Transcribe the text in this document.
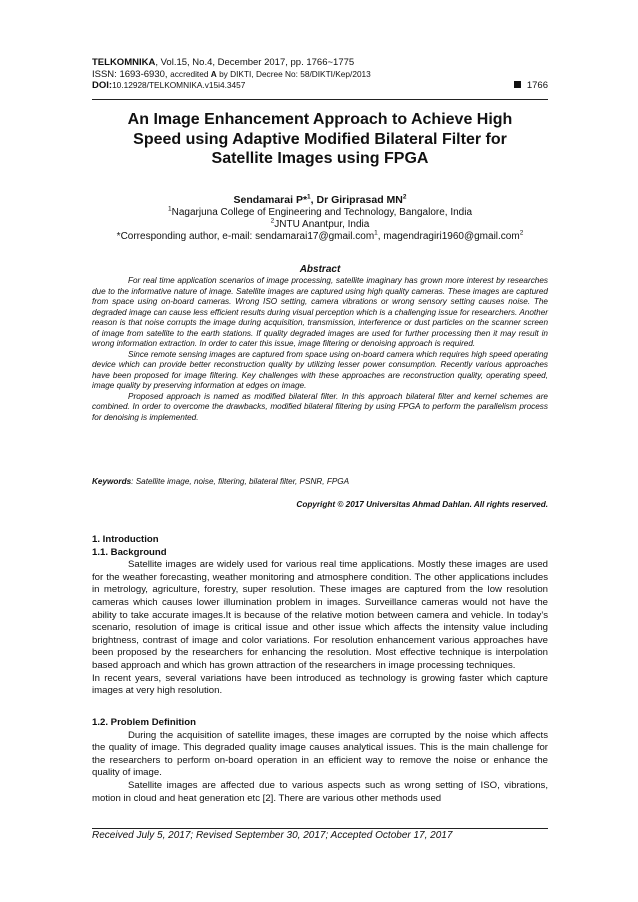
TELKOMNIKA, Vol.15, No.4, December 2017, pp. 1766~1775
ISSN: 1693-6930, accredited A by DIKTI, Decree No: 58/DIKTI/Kep/2013
DOI:10.12928/TELKOMNIKA.v15i4.3457	1766
An Image Enhancement Approach to Achieve High
Speed using Adaptive Modified Bilateral Filter for
Satellite Images using FPGA
Sendamarai P*$^1$, Dr Giriprasad $MN^2$
$^1$Nagarjuna College of Engineering and Technology, Bangalore, India
$^2$JNTU Anantpur, India
*Corresponding author, e-mail: sendamarai17@gmail.com$^1$, magendragiri1960@gmail.com$^2$
Abstract

For real time application scenarios of image processing, satellite imaginary has grown more interest by researches due to the informative nature of image. Satellite images are captured using high quality cameras. These images are captured from space using on-board cameras. Wrong ISO setting, camera vibrations or wrong sensory setting causes noise. The degraded image can cause less efficient results during visual perception which is a challenging issue for researchers. Another reason is that noise corrupts the image during acquisition, transmission, interference or dust particles on the scanner screen of image from satellite to the earth stations. If quality degraded images are used for further processing then it may result in wrong information extraction. In order to cater this issue, image filtering or denoising approach is required.

Since remote sensing images are captured from space using on-board camera which requires high speed operating device which can provide better reconstruction quality by utilizing lesser power consumption. Recently various approaches have been proposed for image filtering. Key challenges with these approaches are reconstruction quality, operating speed, image quality by preserving information at edges on image.

Proposed approach is named as modified bilateral filter. In this approach bilateral filter and kernel schemes are combined. In order to overcome the drawbacks, modified bilateral filtering by using FPGA to perform the parallelism process for denoising is implemented.

Keywords: Satellite image, noise, filtering, bilateral filter, PSNR, FPGA
Copyright © 2017 Universitas Ahmad Dahlan. All rights reserved.
1. Introduction
1.1. Background

Satellite images are widely used for various real time applications. Mostly these images are used for the weather forecasting, weather monitoring and atmosphere condition. The other applications includes in metrology, agriculture, forestry, super resolution. These images are captured from the low resolution cameras which causes lower illumination problem in images. Surveillance cameras would not have the ability to take accurate images.It is because of the relative motion between camera and vehicle. In today’s scenario, resolution of image is critical issue and other issue which affects the intensity value including brightness, contrast of image and color variations. For resolution enhancement various approaches have been proposed by the researchers for enhancing the resolution. Most effective technique is interpolation based approach and which has grown attraction of the researchers in image processing techniques.

In recent years, several variations have been introduced as technology is growing faster which capture images at very high resolution.

1.2. Problem Definition

During the acquisition of satellite images, these images are corrupted by the noise which affects the quality of image. This degraded quality image causes analytical issues. This is the main challenge for the researchers to perform on-board operation in an efficient way to remove the noise or enhance the quality of image.

Satellite images are affected due to various aspects such as wrong setting of ISO, vibrations, motion in cloud and heat generation etc [2]. There are various other methods used

Received July 5, 2017; Revised September 30, 2017; Accepted October 17, 2017
